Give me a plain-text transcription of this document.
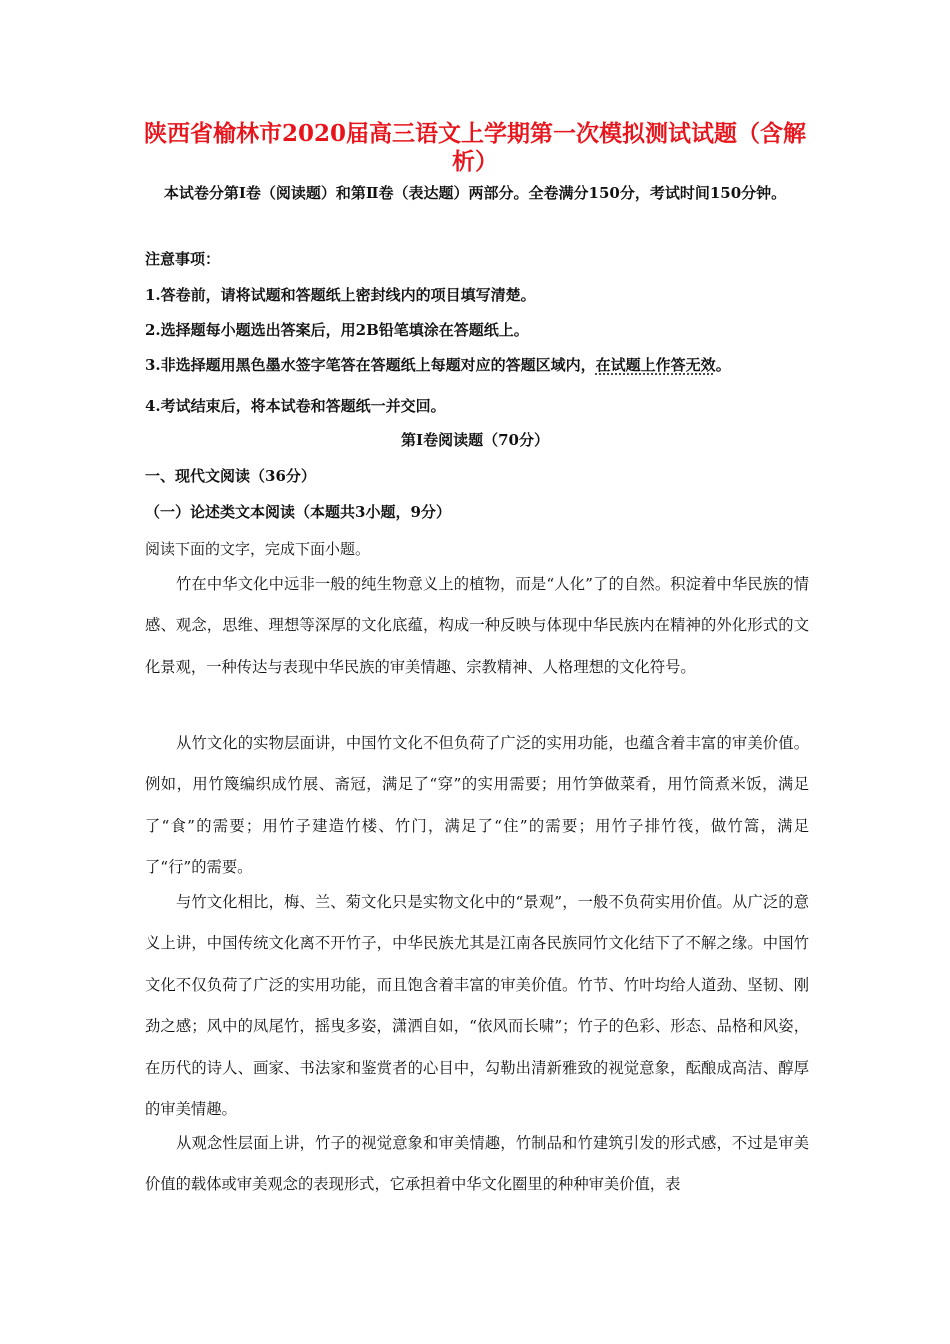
陕西省榆林市2020届高三语文上学期第一次模拟测试试题（含解析）
本试卷分第Ⅰ卷（阅读题）和第Ⅱ卷（表达题）两部分。全卷满分150分，考试时间150分钟。
注意事项：
1.答卷前，请将试题和答题纸上密封线内的项目填写清楚。
2.选择题每小题选出答案后，用2B铅笔填涂在答题纸上。
3.非选择题用黑色墨水签字笔答在答题纸上每题对应的答题区域内，在试题上作答无效。
4.考试结束后，将本试卷和答题纸一并交回。
第Ⅰ卷阅读题（70分）
一、现代文阅读（36分）
（一）论述类文本阅读（本题共3小题，9分）
阅读下面的文字，完成下面小题。

竹在中华文化中远非一般的纯生物意义上的植物，而是“人化”了的自然。积淀着中华民族的情感、观念，思维、理想等深厚的文化底蕴，构成一种反映与体现中华民族内在精神的外化形式的文化景观，一种传达与表现中华民族的审美情趣、宗教精神、人格理想的文化符号。

从竹文化的实物层面讲，中国竹文化不但负荷了广泛的实用功能，也蕴含着丰富的审美价值。例如，用竹篾编织成竹展、斋冠，满足了“穿”的实用需要；用竹笋做菜肴，用竹筒煮米饭，满足了“食”的需要；用竹子建造竹楼、竹门，满足了“住”的需要；用竹子排竹筏，做竹篙，满足了“行”的需要。

与竹文化相比，梅、兰、菊文化只是实物文化中的“景观”，一般不负荷实用价值。从广泛的意义上讲，中国传统文化离不开竹子，中华民族尤其是江南各民族同竹文化结下了不解之缘。中国竹文化不仅负荷了广泛的实用功能，而且饱含着丰富的审美价值。竹节、竹叶均给人道劲、坚韧、刚劲之感；风中的凤尾竹，摇曳多姿，潇洒自如，“依风而长啸”；竹子的色彩、形态、品格和风姿，在历代的诗人、画家、书法家和鉴赏者的心目中，勾勒出清新雅致的视觉意象，酝酿成高洁、醇厚的审美情趣。

从观念性层面上讲，竹子的视觉意象和审美情趣，竹制品和竹建筑引发的形式感，不过是审美价值的载体或审美观念的表现形式，它承担着中华文化圈里的种种审美价值，表
